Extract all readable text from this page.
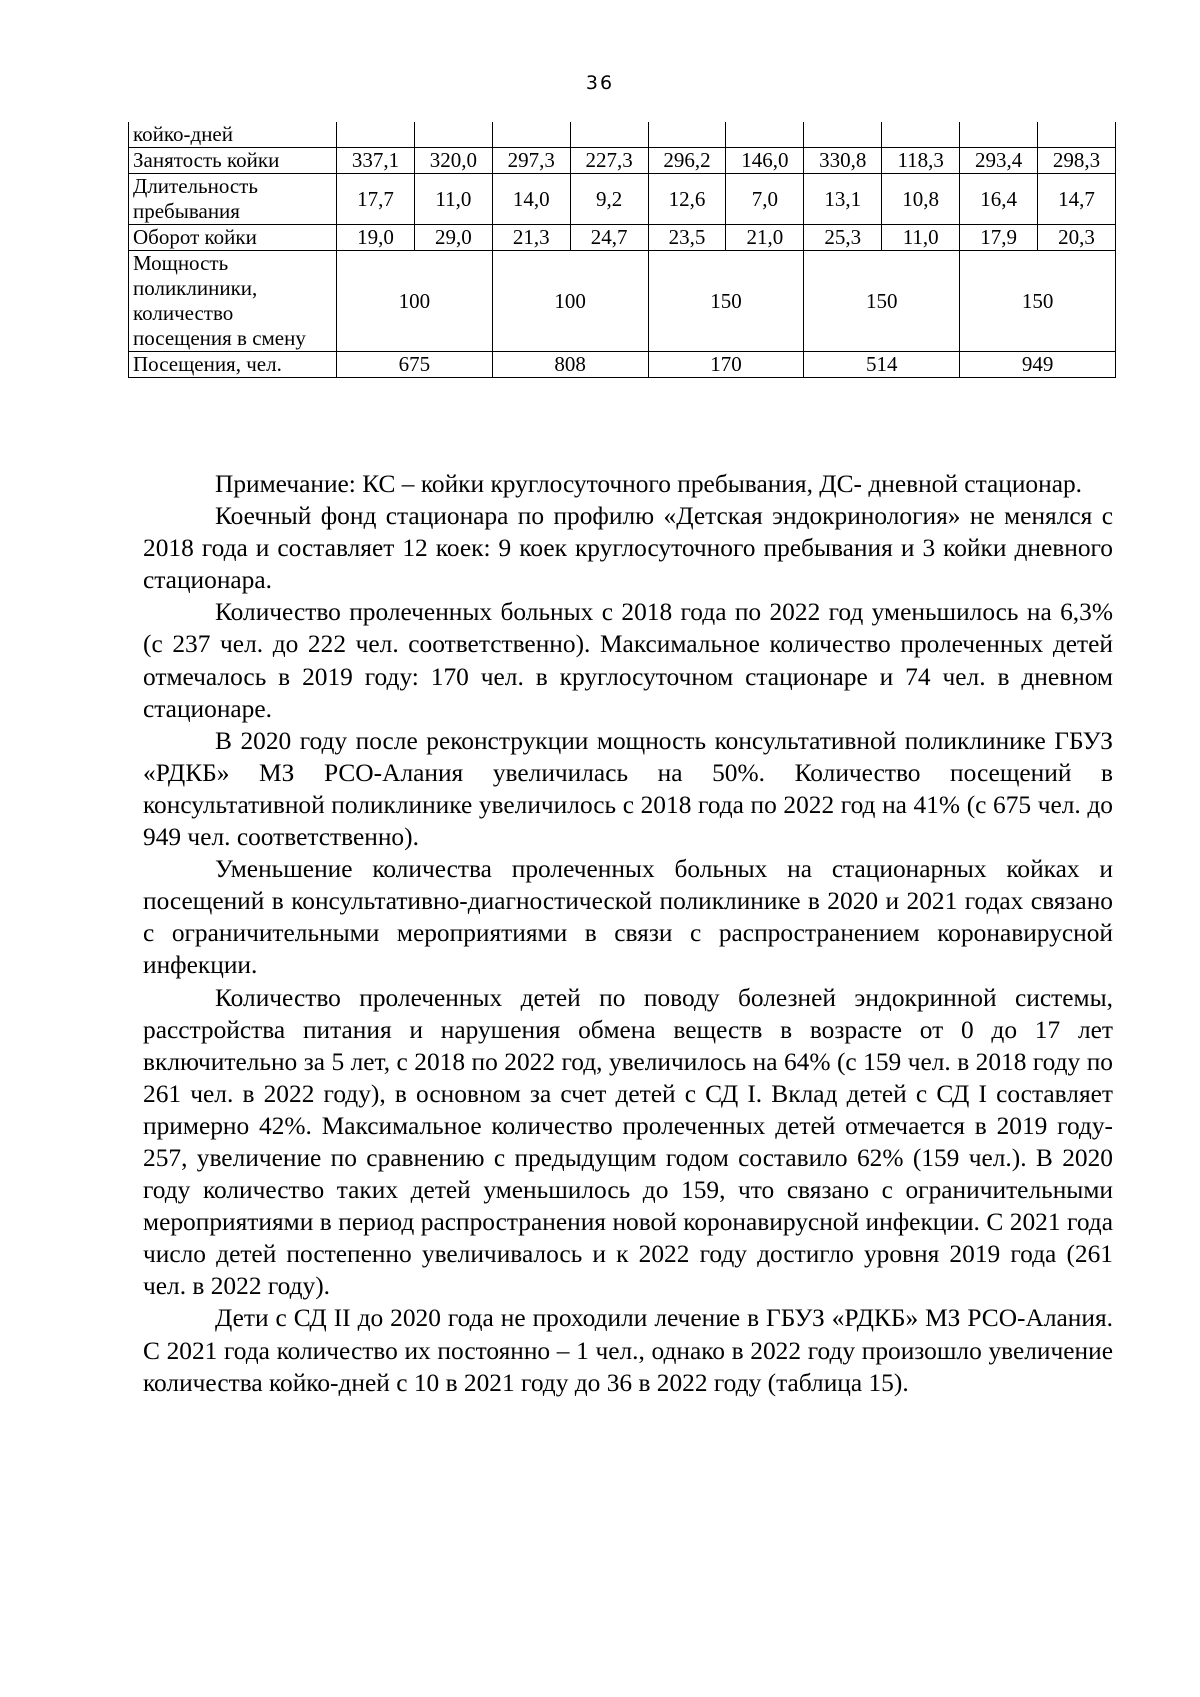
36
койко-дней										
Занятость койки	337,1	320,0	297,3	227,3	296,2	146,0	330,8	118,3	293,4	298,3
Длительность пребывания	17,7	11,0	14,0	9,2	12,6	7,0	13,1	10,8	16,4	14,7
Оборот койки	19,0	29,0	21,3	24,7	23,5	21,0	25,3	11,0	17,9	20,3
Мощность поликлиники, количество посещения в смену	100		100		150		150		150	
Посещения, чел.	675		808		170		514		949	

Примечание: КС – койки круглосуточного пребывания, ДС- дневной стационар.

Коечный фонд стационара по профилю «Детская эндокринология» не менялся с 2018 года и составляет 12 коек: 9 коек круглосуточного пребывания и 3 койки дневного стационара.

Количество пролеченных больных с 2018 года по 2022 год уменьшилось на 6,3% (с 237 чел. до 222 чел. соответственно). Максимальное количество пролеченных детей отмечалось в 2019 году: 170 чел. в круглосуточном стационаре и 74 чел. в дневном стационаре.

В 2020 году после реконструкции мощность консультативной поликлинике ГБУЗ «РДКБ» МЗ РСО-Алания увеличилась на 50%. Количество посещений в консультативной поликлинике увеличилось с 2018 года по 2022 год на 41% (с 675 чел. до 949 чел. соответственно).

Уменьшение количества пролеченных больных на стационарных койках и посещений в консультативно-диагностической поликлинике в 2020 и 2021 годах связано с ограничительными мероприятиями в связи с распространением коронавирусной инфекции.

Количество пролеченных детей по поводу болезней эндокринной системы, расстройства питания и нарушения обмена веществ в возрасте от 0 до 17 лет включительно за 5 лет, с 2018 по 2022 год, увеличилось на 64% (с 159 чел. в 2018 году по 261 чел. в 2022 году), в основном за счет детей с СД I. Вклад детей с СД I составляет примерно 42%. Максимальное количество пролеченных детей отмечается в 2019 году- 257, увеличение по сравнению с предыдущим годом составило 62% (159 чел.). В 2020 году количество таких детей уменьшилось до 159, что связано с ограничительными мероприятиями в период распространения новой коронавирусной инфекции. С 2021 года число детей постепенно увеличивалось и к 2022 году достигло уровня 2019 года (261 чел. в 2022 году).

Дети с СД II до 2020 года не проходили лечение в ГБУЗ «РДКБ» МЗ РСО-Алания. С 2021 года количество их постоянно – 1 чел., однако в 2022 году произошло увеличение количества койко-дней с 10 в 2021 году до 36 в 2022 году (таблица 15).
